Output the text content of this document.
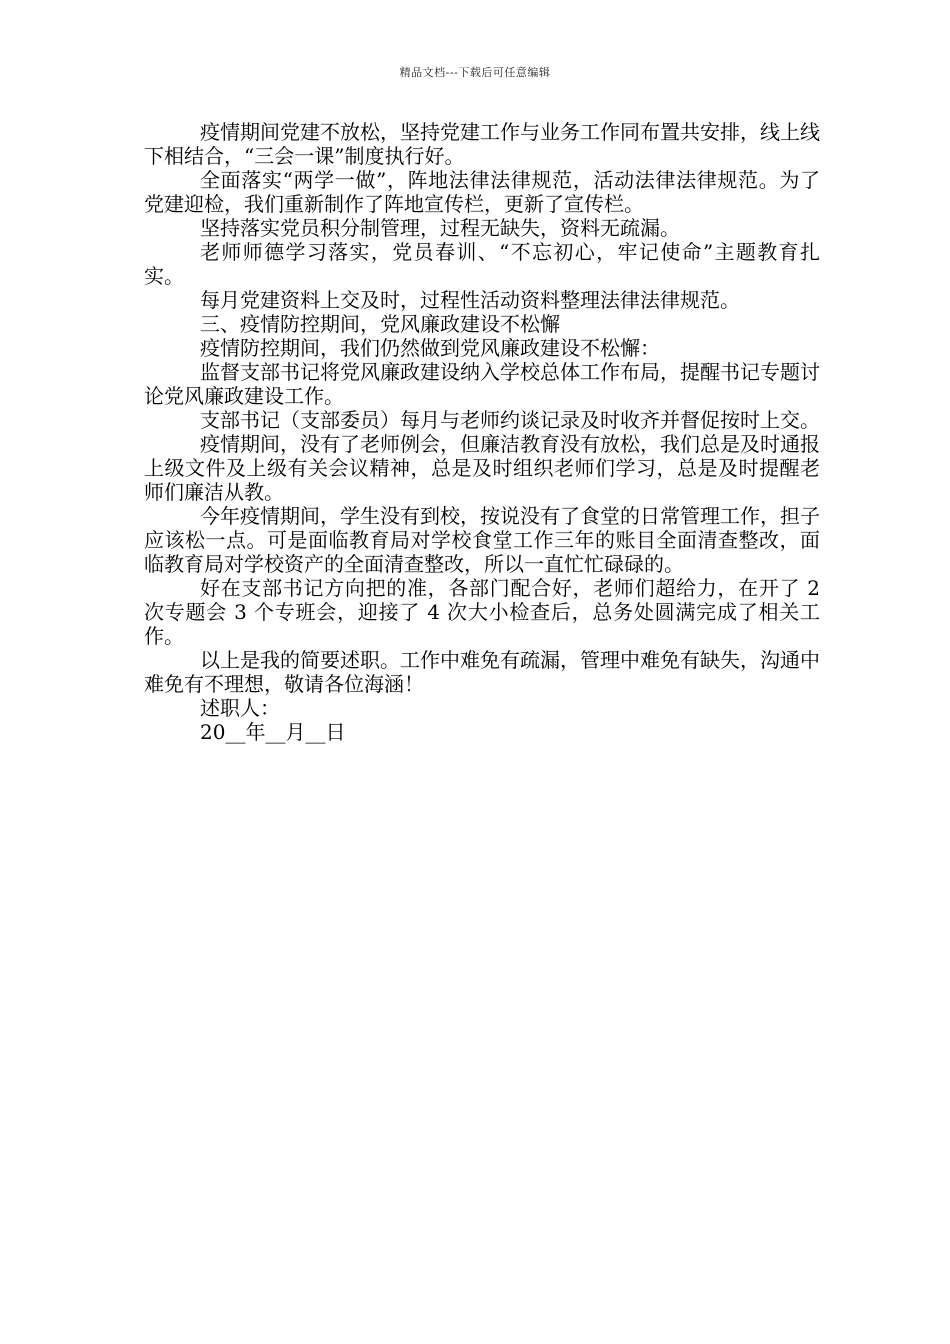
精品文档---下载后可任意编辑

疫情期间党建不放松，坚持党建工作与业务工作同布置共安排，线上线下相结合，“三会一课”制度执行好。

全面落实“两学一做”，阵地法律法律规范，活动法律法律规范。为了党建迎检，我们重新制作了阵地宣传栏，更新了宣传栏。

坚持落实党员积分制管理，过程无缺失，资料无疏漏。

老师师德学习落实，党员春训、“不忘初心，牢记使命”主题教育扎实。

每月党建资料上交及时，过程性活动资料整理法律法律规范。

三、疫情防控期间，党风廉政建设不松懈

疫情防控期间，我们仍然做到党风廉政建设不松懈：

监督支部书记将党风廉政建设纳入学校总体工作布局，提醒书记专题讨论党风廉政建设工作。

支部书记（支部委员）每月与老师约谈记录及时收齐并督促按时上交。

疫情期间，没有了老师例会，但廉洁教育没有放松，我们总是及时通报上级文件及上级有关会议精神，总是及时组织老师们学习，总是及时提醒老师们廉洁从教。

今年疫情期间，学生没有到校，按说没有了食堂的日常管理工作，担子应该松一点。可是面临教育局对学校食堂工作三年的账目全面清查整改，面临教育局对学校资产的全面清查整改，所以一直忙忙碌碌的。

好在支部书记方向把的准，各部门配合好，老师们超给力，在开了 2 次专题会 3 个专班会，迎接了 4 次大小检查后，总务处圆满完成了相关工作。

以上是我的简要述职。工作中难免有疏漏，管理中难免有缺失，沟通中难免有不理想，敬请各位海涵！

述职人：

20__年__月__日
